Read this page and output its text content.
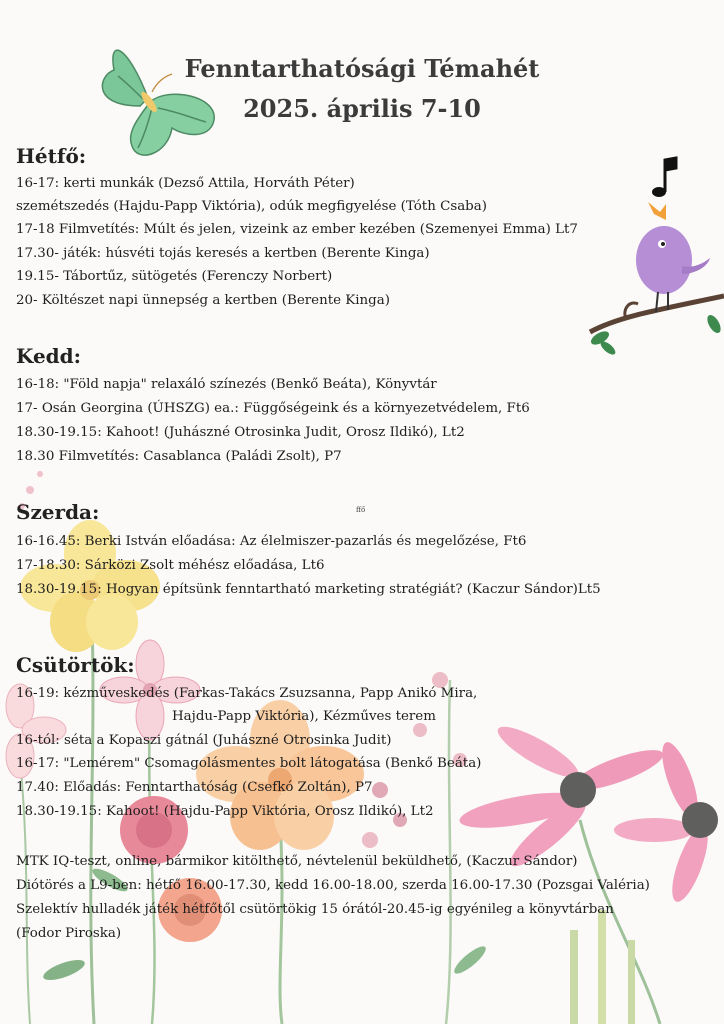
Fenntarthatósági Témahét
2025. április 7-10
Hétfő:
16-17: kerti munkák (Dezső Attila, Horváth Péter)
szemétszedés (Hajdu-Papp Viktória), odúk megfigyelése (Tóth Csaba)
17-18 Filmvetítés: Múlt és jelen, vizeink az ember kezében (Szemenyei Emma) Lt7
17.30- játék: húsvéti tojás keresés a kertben (Berente Kinga)
19.15- Tábortűz, sütögetés (Ferenczy Norbert)
20- Költészet napi ünnepség a kertben (Berente Kinga)
Kedd:
16-18: "Föld napja" relaxáló színezés (Benkő Beáta), Könyvtár
17- Osán Georgina (ÚHSZG) ea.: Függőségeink és a környezetvédelem, Ft6
18.30-19.15: Kahoot! (Juhászné Otrosinka Judit, Orosz Ildikó), Lt2
18.30 Filmvetítés: Casablanca (Paládi Zsolt), P7
Szerda:	ffő
16-16.45: Berki István előadása: Az élelmiszer-pazarlás és megelőzése, Ft6
17-18.30: Sárközi Zsolt méhész előadása, Lt6
18.30-19.15: Hogyan építsünk fenntartható marketing stratégiát? (Kaczur Sándor)Lt5
Csütörtök:
16-19: kézművesked​és (Farkas-Takács Zsuzsanna, Papp Anikó Mira,
Hajdu-Papp Viktória), Kézműves terem
16-tól: séta a Kopaszi gátnál (Juhászné Otrosinka Judit)
16-17: "Lemérem" Csomagolásmentes bolt látogatása (Benkő Beáta)
17.40: Előadás: Fenntarthatóság (Csefkó Zoltán), P7
18.30-19.15: Kahoot! (Hajdu-Papp Viktória, Orosz Ildikó), Lt2
MTK IQ-teszt, online, bármikor kitölthető, névtelenül beküldhető, (Kaczur Sándor)
Diótörés a L9-ben: hétfő 16.00-17.30, kedd 16.00-18.00, szerda 16.00-17.30 (Pozsgai Valéria)
Szelektív hulladék játék hétfőtől csütörtökig 15 órától-20.45-ig egyénileg a könyvtárban
(Fodor Piroska)
